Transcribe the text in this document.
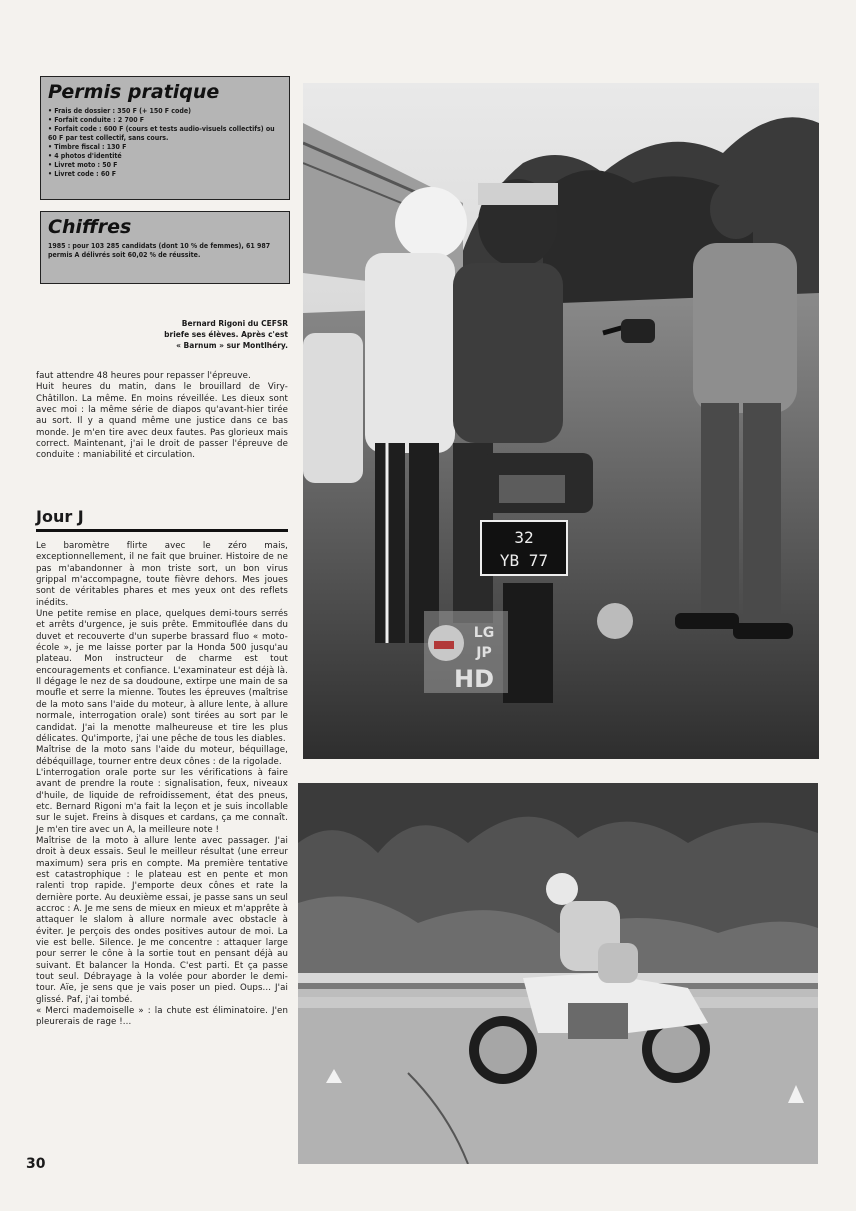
Permis pratique
• Frais de dossier : 350 F (+ 150 F code)
• Forfait conduite : 2 700 F
• Forfait code : 600 F (cours et tests audio-visuels collectifs) ou 60 F par test collectif, sans cours.
• Timbre fiscal : 130 F
• 4 photos d'identité
• Livret moto : 50 F
• Livret code : 60 F
Chiffres

1985 : pour 103 285 candidats (dont 10 % de femmes), 61 987 permis A délivrés soit 60,02 % de réussite.

Bernard Rigoni du CEFSR
briefe ses élèves. Après c'est
« Barnum » sur Montlhéry.
faut attendre 48 heures pour repasser l'épreuve.
Huit heures du matin, dans le brouillard de Viry-Châtillon. La même. En moins réveillée. Les dieux sont avec moi : la même série de diapos qu'avant-hier tirée au sort. Il y a quand même une justice dans ce bas monde. Je m'en tire avec deux fautes. Pas glorieux mais correct. Maintenant, j'ai le droit de passer l'épreuve de conduite : maniabilité et circulation.
Jour J
Le baromètre flirte avec le zéro mais, exceptionnellement, il ne fait que bruiner. Histoire de ne pas m'abandonner à mon triste sort, un bon virus grippal m'accompagne, toute fièvre dehors. Mes joues sont de véritables phares et mes yeux ont des reflets inédits.
Une petite remise en place, quelques demi-tours serrés et arrêts d'urgence, je suis prête. Emmitouflée dans du duvet et recouverte d'un superbe brassard fluo « moto-école », je me laisse porter par la Honda 500 jusqu'au plateau. Mon instructeur de charme est tout encouragements et confiance. L'examinateur est déjà là. Il dégage le nez de sa doudoune, extirpe une main de sa moufle et serre la mienne. Toutes les épreuves (maîtrise de la moto sans l'aide du moteur, à allure lente, à allure normale, interrogation orale) sont tirées au sort par le candidat. J'ai la menotte malheureuse et tire les plus délicates. Qu'importe, j'ai une pêche de tous les diables.
Maîtrise de la moto sans l'aide du moteur, béquillage, débéquillage, tourner entre deux cônes : de la rigolade.
L'interrogation orale porte sur les vérifications à faire avant de prendre la route : signalisation, feux, niveaux d'huile, de liquide de refroidissement, état des pneus, etc. Bernard Rigoni m'a fait la leçon et je suis incollable sur le sujet. Freins à disques et cardans, ça me connaît. Je m'en tire avec un A, la meilleure note !
Maîtrise de la moto à allure lente avec passager. J'ai droit à deux essais. Seul le meilleur résultat (une erreur maximum) sera pris en compte. Ma première tentative est catastrophique : le plateau est en pente et mon ralenti trop rapide. J'emporte deux cônes et rate la dernière porte. Au deuxième essai, je passe sans un seul accroc : A. Je me sens de mieux en mieux et m'apprête à attaquer le slalom à allure normale avec obstacle à éviter. Je perçois des ondes positives autour de moi. La vie est belle. Silence. Je me concentre : attaquer large pour serrer le cône à la sortie tout en pensant déjà au suivant. Et balancer la Honda. C'est parti. Et ça passe tout seul. Débrayage à la volée pour aborder le demi-tour. Aïe, je sens que je vais poser un pied. Oups... J'ai glissé. Paf, j'ai tombé.
« Merci mademoiselle » : la chute est éliminatoire. J'en pleurerais de rage !...
32
YB 77
LG
JP
HD
30
